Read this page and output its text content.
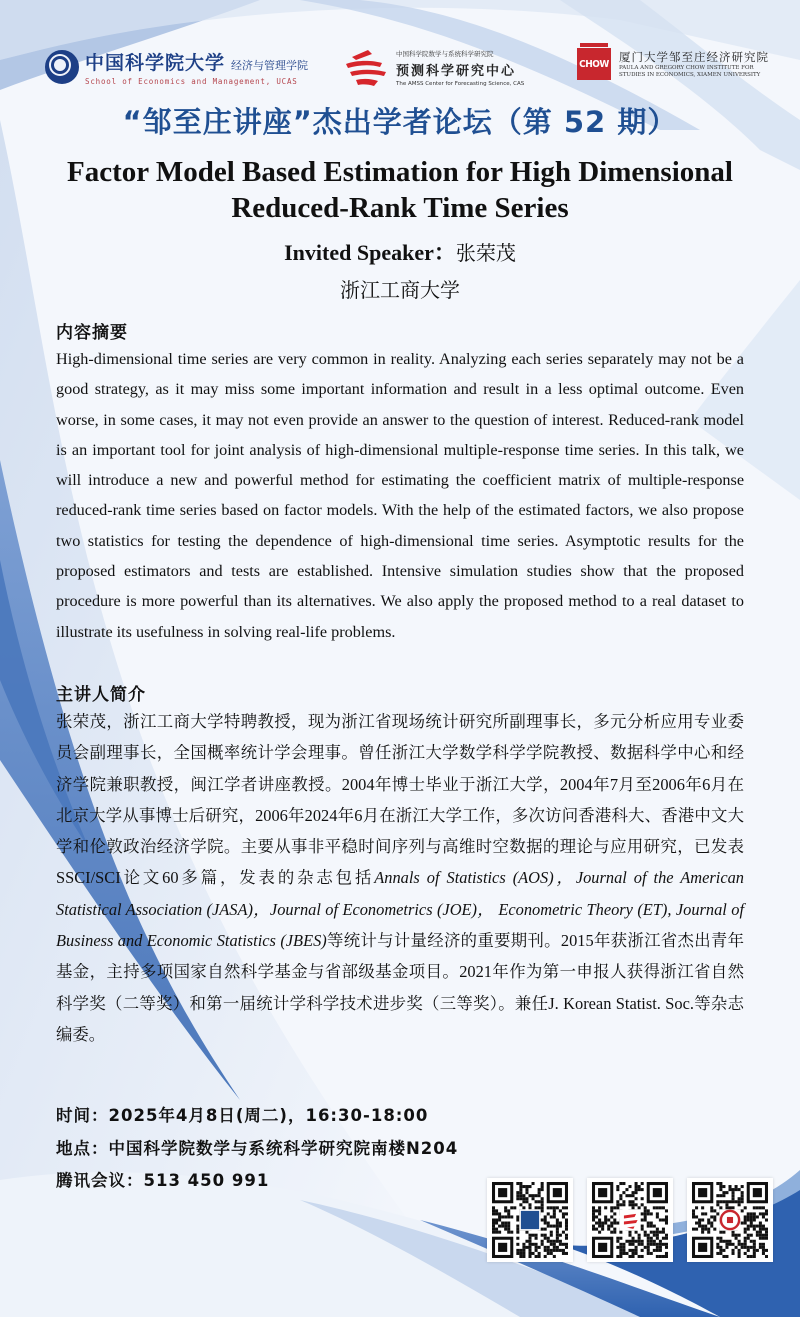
中国科学院大学 经济与管理学院
School of Economics and Management, UCAS
中国科学院数学与系统科学研究院
预测科学研究中心
The AMSS Center for Forecasting Science, CAS
CHOW 厦门大学邹至庄经济研究院
PAULA AND GREGORY CHOW INSTITUTE FOR
STUDIES IN ECONOMICS, XIAMEN UNIVERSITY
“邹至庄讲座”杰出学者论坛（第 52 期）
Factor Model Based Estimation for High Dimensional
Reduced-Rank Time Series
Invited Speaker：张荣茂
浙江工商大学
内容摘要
High-dimensional time series are very common in reality. Analyzing each series separately may not be a good strategy, as it may miss some important information and result in a less optimal outcome. Even worse, in some cases, it may not even provide an answer to the question of interest. Reduced-rank model is an important tool for joint analysis of high-dimensional multiple-response time series. In this talk, we will introduce a new and powerful method for estimating the coefficient matrix of multiple-response reduced-rank time series based on factor models. With the help of the estimated factors, we also propose two statistics for testing the dependence of high-dimensional time series. Asymptotic results for the proposed estimators and tests are established. Intensive simulation studies show that the proposed procedure is more powerful than its alternatives. We also apply the proposed method to a real dataset to illustrate its usefulness in solving real-life problems.
主讲人简介
张荣茂，浙江工商大学特聘教授，现为浙江省现场统计研究所副理事长，多元分析应用专业委员会副理事长，全国概率统计学会理事。曾任浙江大学数学科学学院教授、数据科学中心和经济学院兼职教授，闽江学者讲座教授。2004年博士毕业于浙江大学，2004年7月至2006年6月在北京大学从事博士后研究，2006年2024年6月在浙江大学工作，多次访问香港科大、香港中文大学和伦敦政治经济学院。主要从事非平稳时间序列与高维时空数据的理论与应用研究，已发表SSCI/SCI论文60多篇，发表的杂志包括Annals of Statistics (AOS)，Journal of the American Statistical Association (JASA)，Journal of Econometrics (JOE)， Econometric Theory (ET), Journal of Business and Economic Statistics (JBES)等统计与计量经济的重要期刊。2015年获浙江省杰出青年基金，主持多项国家自然科学基金与省部级基金项目。2021年作为第一申报人获得浙江省自然科学奖（二等奖）和第一届统计学科学技术进步奖（三等奖）。兼任J. Korean Statist. Soc.等杂志编委。
时间：2025年4月8日(周二)，16:30-18:00
地点：中国科学院数学与系统科学研究院南楼N204
腾讯会议：513 450 991
